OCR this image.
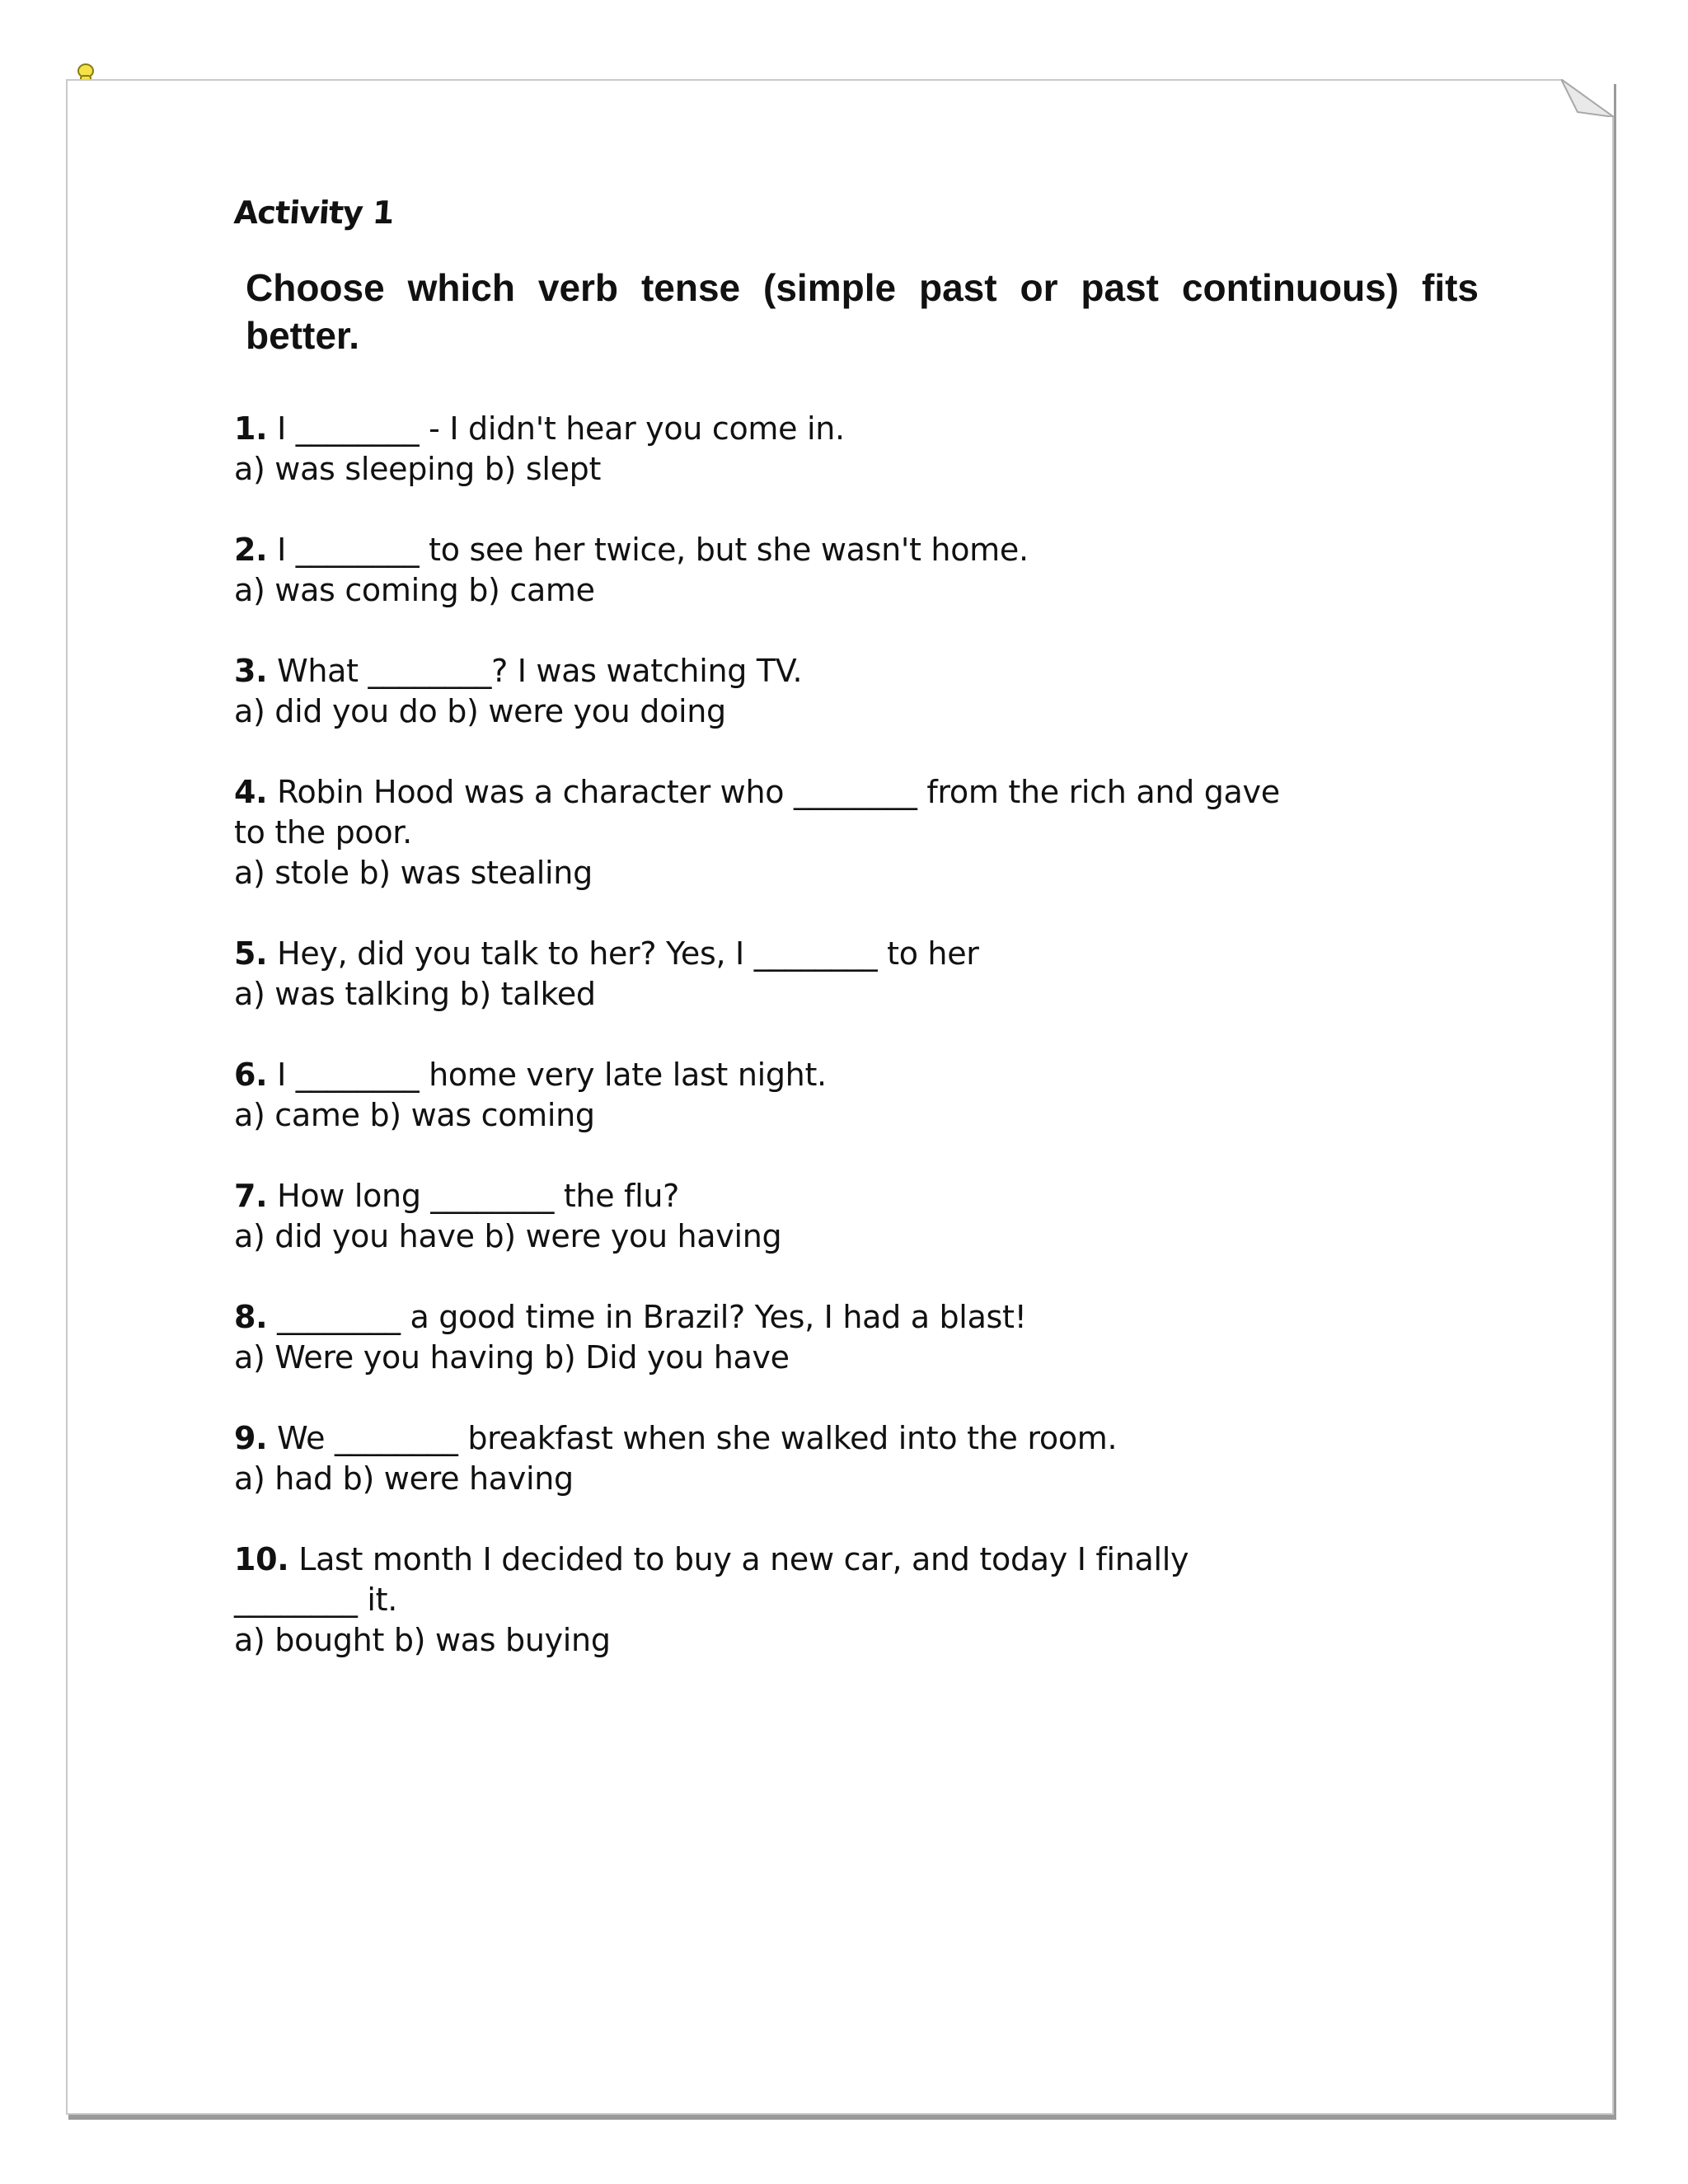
Activity 1
Choose which verb tense (simple past or past continuous) fits better.
1. I ________ - I didn't hear you come in.
a) was sleeping b) slept
2. I ________ to see her twice, but she wasn't home.
a) was coming b) came
3. What ________? I was watching TV.
a) did you do b) were you doing
4. Robin Hood was a character who ________ from the rich and gave
to the poor.
a) stole b) was stealing
5. Hey, did you talk to her? Yes, I ________ to her
a) was talking b) talked
6. I ________ home very late last night.
a) came b) was coming
7. How long ________ the flu?
a) did you have b) were you having
8. ________ a good time in Brazil? Yes, I had a blast!
a) Were you having b) Did you have
9. We ________ breakfast when she walked into the room.
a) had b) were having
10. Last month I decided to buy a new car, and today I finally
________ it.
a) bought b) was buying
